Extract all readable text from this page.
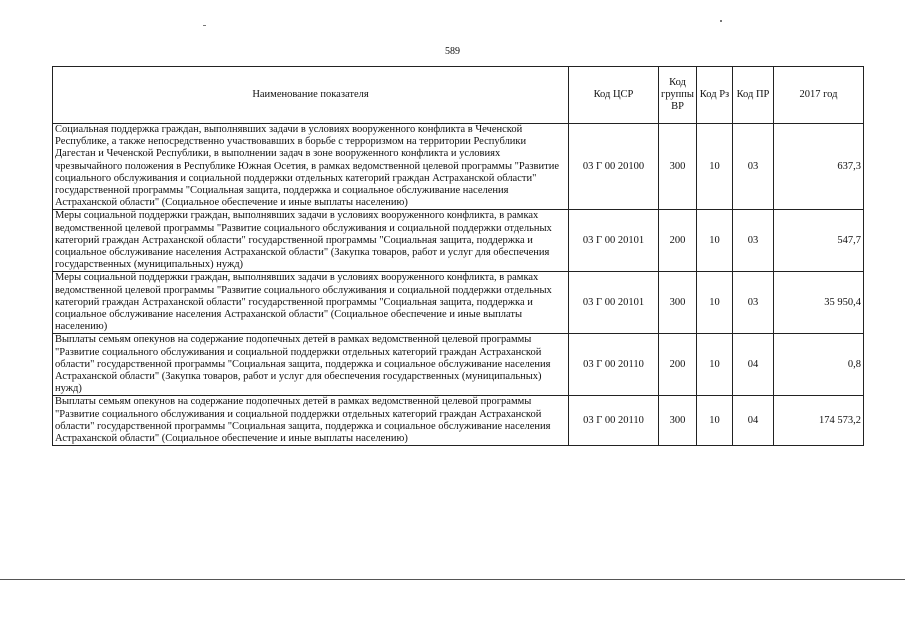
589
Наименование показателя	Код ЦСР	Код группы ВР	Код Рз	Код ПР	2017 год
Социальная поддержка граждан, выполнявших задачи в условиях вооруженного конфликта в Чеченской Республике, а также непосредственно участвовавших в борьбе с терроризмом на территории Республики Дагестан и Чеченской Республики, в выполнении задач в зоне вооруженного конфликта и условиях чрезвычайного положения в Республике Южная Осетия, в рамках ведомственной целевой программы "Развитие социального обслуживания и социальной поддержки отдельных категорий граждан Астраханской области" государственной программы "Социальная защита, поддержка и социальное обслуживание населения Астраханской области" (Социальное обеспечение и иные выплаты населению)	03 Г 00 20100	300	10	03	637,3
Меры социальной поддержки граждан, выполнявших задачи в условиях вооруженного конфликта, в рамках ведомственной целевой программы "Развитие социального обслуживания и социальной поддержки отдельных категорий граждан Астраханской области" государственной программы "Социальная защита, поддержка и социальное обслуживание населения Астраханской области" (Закупка товаров, работ и услуг для обеспечения государственных (муниципальных) нужд)	03 Г 00 20101	200	10	03	547,7
Меры социальной поддержки граждан, выполнявших задачи в условиях вооруженного конфликта, в рамках ведомственной целевой программы "Развитие социального обслуживания и социальной поддержки отдельных категорий граждан Астраханской области" государственной программы "Социальная защита, поддержка и социальное обслуживание населения Астраханской области" (Социальное обеспечение и иные выплаты населению)	03 Г 00 20101	300	10	03	35 950,4
Выплаты семьям опекунов на содержание подопечных детей в рамках ведомственной целевой программы "Развитие социального обслуживания и социальной поддержки отдельных категорий граждан Астраханской области" государственной программы "Социальная защита, поддержка и социальное обслуживание населения Астраханской области" (Закупка товаров, работ и услуг для обеспечения государственных (муниципальных) нужд)	03 Г 00 20110	200	10	04	0,8
Выплаты семьям опекунов на содержание подопечных детей в рамках ведомственной целевой программы "Развитие социального обслуживания и социальной поддержки отдельных категорий граждан Астраханской области" государственной программы "Социальная защита, поддержка и социальное обслуживание населения Астраханской области" (Социальное обеспечение и иные выплаты населению)	03 Г 00 20110	300	10	04	174 573,2
